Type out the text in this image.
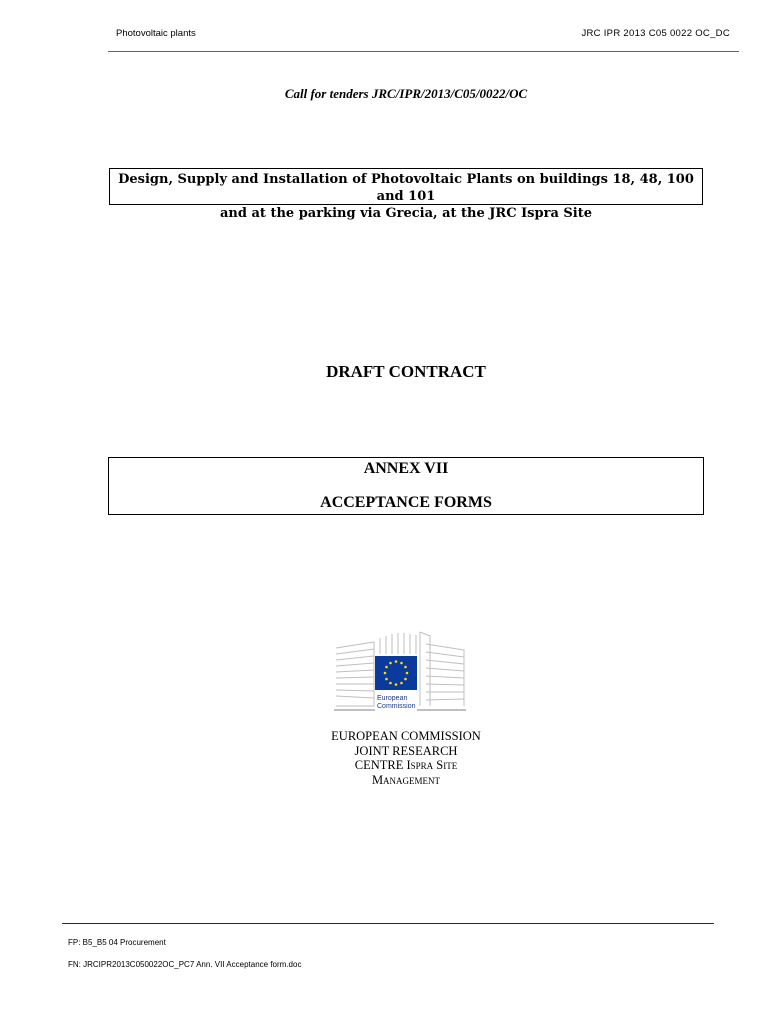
Photovoltaic plants	JRC IPR 2013 C05 0022 OC_DC
Call for tenders JRC/IPR/2013/C05/0022/OC
Design, Supply and Installation of Photovoltaic Plants on buildings 18, 48, 100 and 101
and at the parking via Grecia, at the JRC Ispra Site
DRAFT CONTRACT
ANNEX VII
ACCEPTANCE FORMS
European
Commission
EUROPEAN COMMISSION
JOINT RESEARCH
CENTRE Ispra Site
Management
FP: B5_B5 04 Procurement
FN: JRCIPR2013C050022OC_PC7 Ann. VII Acceptance form.doc
